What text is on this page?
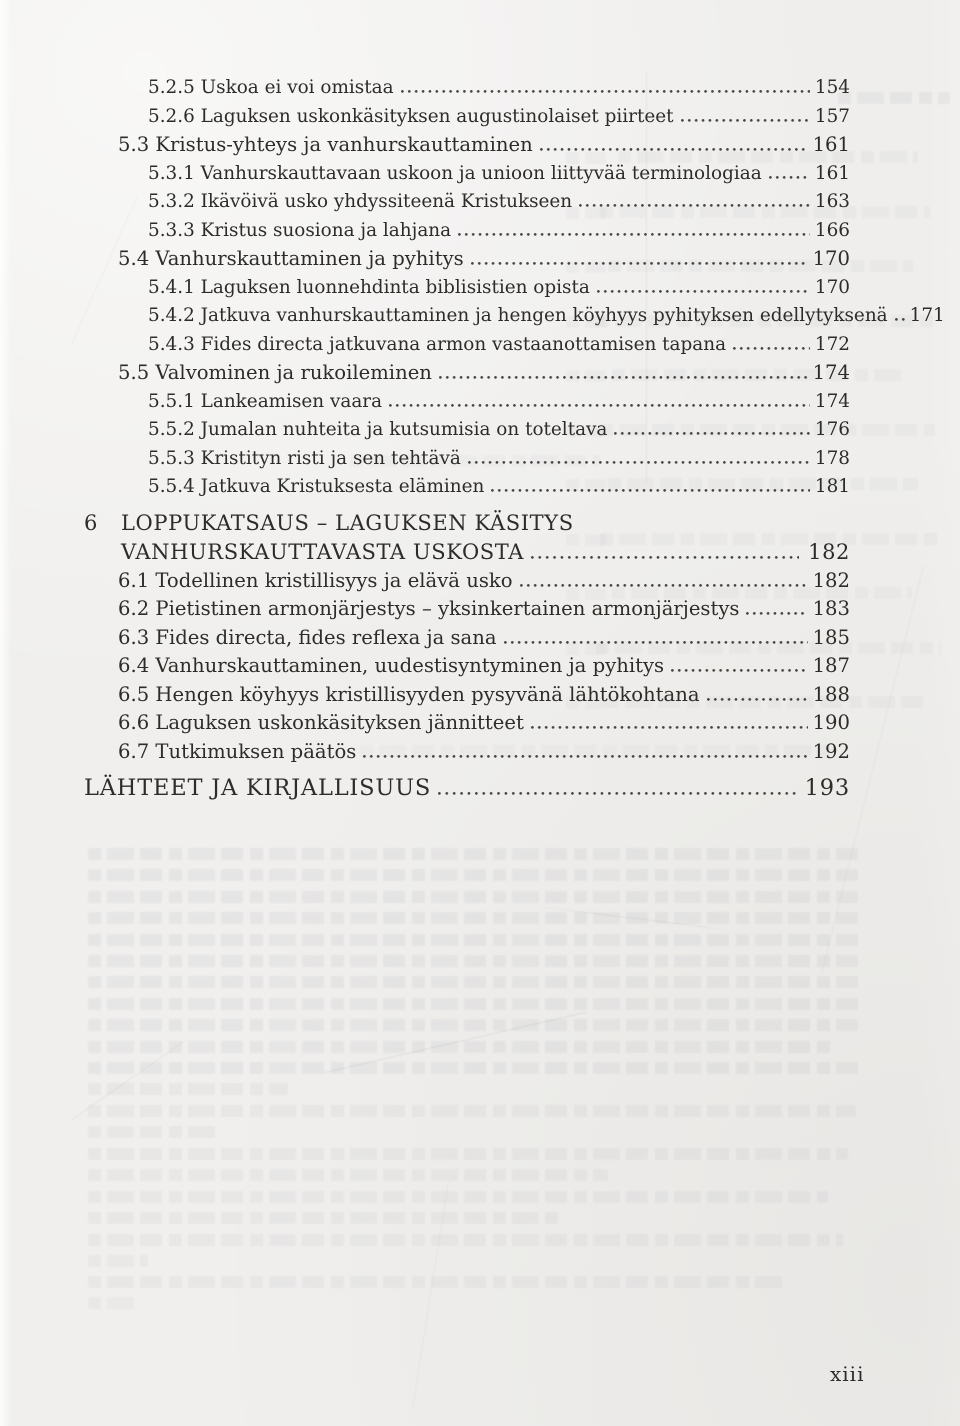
5.2.5 Uskoa ei voi omistaa	154
5.2.6 Laguksen uskonkäsityksen augustinolaiset piirteet	157
5.3 Kristus-yhteys ja vanhurskauttaminen	161
5.3.1 Vanhurskauttavaan uskoon ja unioon liittyvää terminologiaa	161
5.3.2 Ikävöivä usko yhdyssiteenä Kristukseen	163
5.3.3 Kristus suosiona ja lahjana	166
5.4 Vanhurskauttaminen ja pyhitys	170
5.4.1 Laguksen luonnehdinta biblisistien opista	170
5.4.2 Jatkuva vanhurskauttaminen ja hengen köyhyys pyhityksen edellytyksenä 171
5.4.3 Fides directa jatkuvana armon vastaanottamisen tapana	172
5.5 Valvominen ja rukoileminen	174
5.5.1 Lankeamisen vaara	174
5.5.2 Jumalan nuhteita ja kutsumisia on toteltava	176
5.5.3 Kristityn risti ja sen tehtävä	178
5.5.4 Jatkuva Kristuksesta eläminen	181
6	LOPPUKATSAUS – LAGUKSEN KÄSITYS
VANHURSKAUTTAVASTA USKOSTA	182
6.1 Todellinen kristillisyys ja elävä usko	182
6.2 Pietistinen armonjärjestys – yksinkertainen armonjärjestys	183
6.3 Fides directa, fides reflexa ja sana	185
6.4 Vanhurskauttaminen, uudestisyntyminen ja pyhitys	187
6.5 Hengen köyhyys kristillisyyden pysyvänä lähtökohtana	188
6.6 Laguksen uskonkäsityksen jännitteet	190
6.7 Tutkimuksen päätös	192
LÄHTEET JA KIRJALLISUUS	193
xiii
